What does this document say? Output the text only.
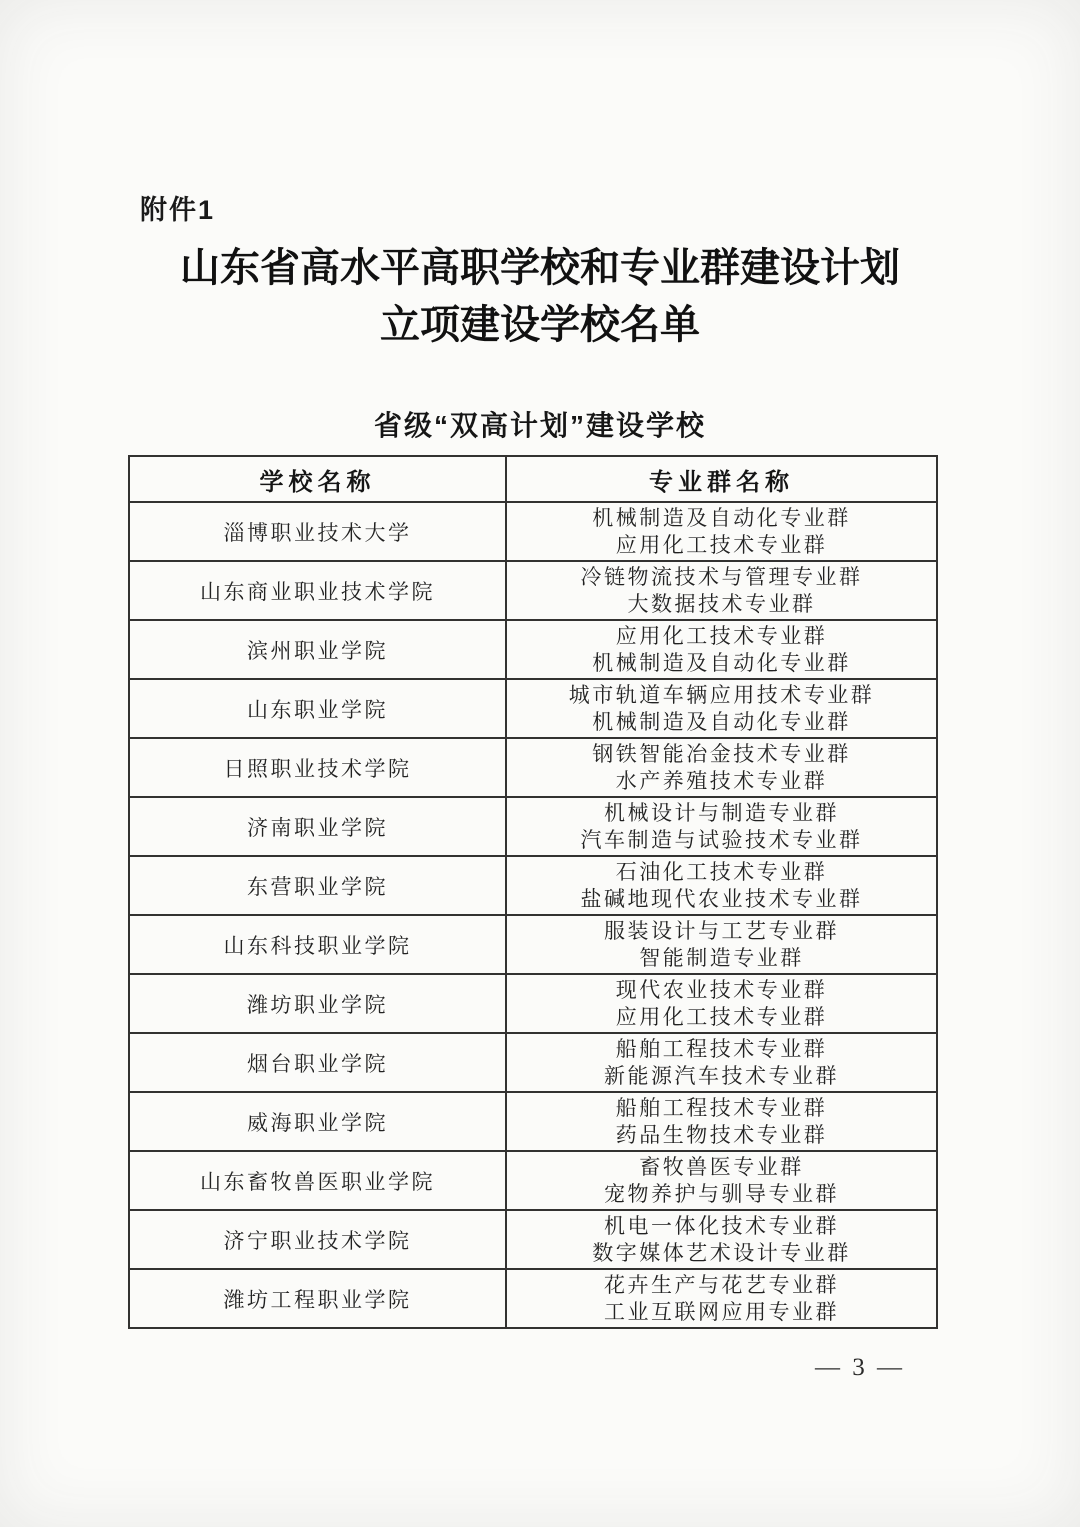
附件1
山东省高水平高职学校和专业群建设计划
立项建设学校名单
省级“双高计划”建设学校
学校名称	专业群名称
淄博职业技术大学	机械制造及自动化专业群
应用化工技术专业群

山东商业职业技术学院	冷链物流技术与管理专业群
大数据技术专业群

滨州职业学院	应用化工技术专业群
机械制造及自动化专业群

山东职业学院	城市轨道车辆应用技术专业群
机械制造及自动化专业群

日照职业技术学院	钢铁智能冶金技术专业群
水产养殖技术专业群

济南职业学院	机械设计与制造专业群
汽车制造与试验技术专业群

东营职业学院	石油化工技术专业群
盐碱地现代农业技术专业群

山东科技职业学院	服装设计与工艺专业群
智能制造专业群

潍坊职业学院	现代农业技术专业群
应用化工技术专业群

烟台职业学院	船舶工程技术专业群
新能源汽车技术专业群

威海职业学院	船舶工程技术专业群
药品生物技术专业群

山东畜牧兽医职业学院	畜牧兽医专业群
宠物养护与驯导专业群

济宁职业技术学院	机电一体化技术专业群
数字媒体艺术设计专业群

潍坊工程职业学院	花卉生产与花艺专业群
工业互联网应用专业群
— 3 —
